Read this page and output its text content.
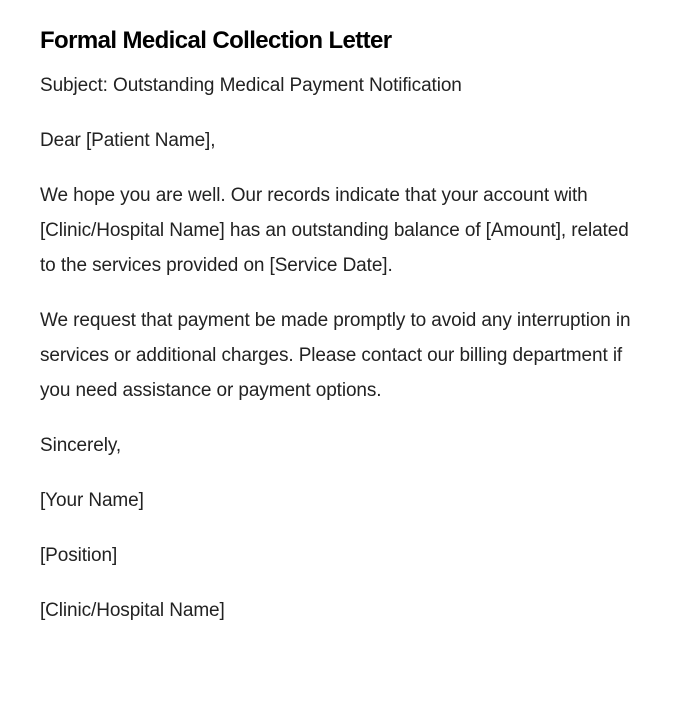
Formal Medical Collection Letter

Subject: Outstanding Medical Payment Notification

Dear [Patient Name],

We hope you are well. Our records indicate that your account with [Clinic/Hospital Name] has an outstanding balance of [Amount], related to the services provided on [Service Date].

We request that payment be made promptly to avoid any interruption in services or additional charges. Please contact our billing department if you need assistance or payment options.

Sincerely,

[Your Name]

[Position]

[Clinic/Hospital Name]
